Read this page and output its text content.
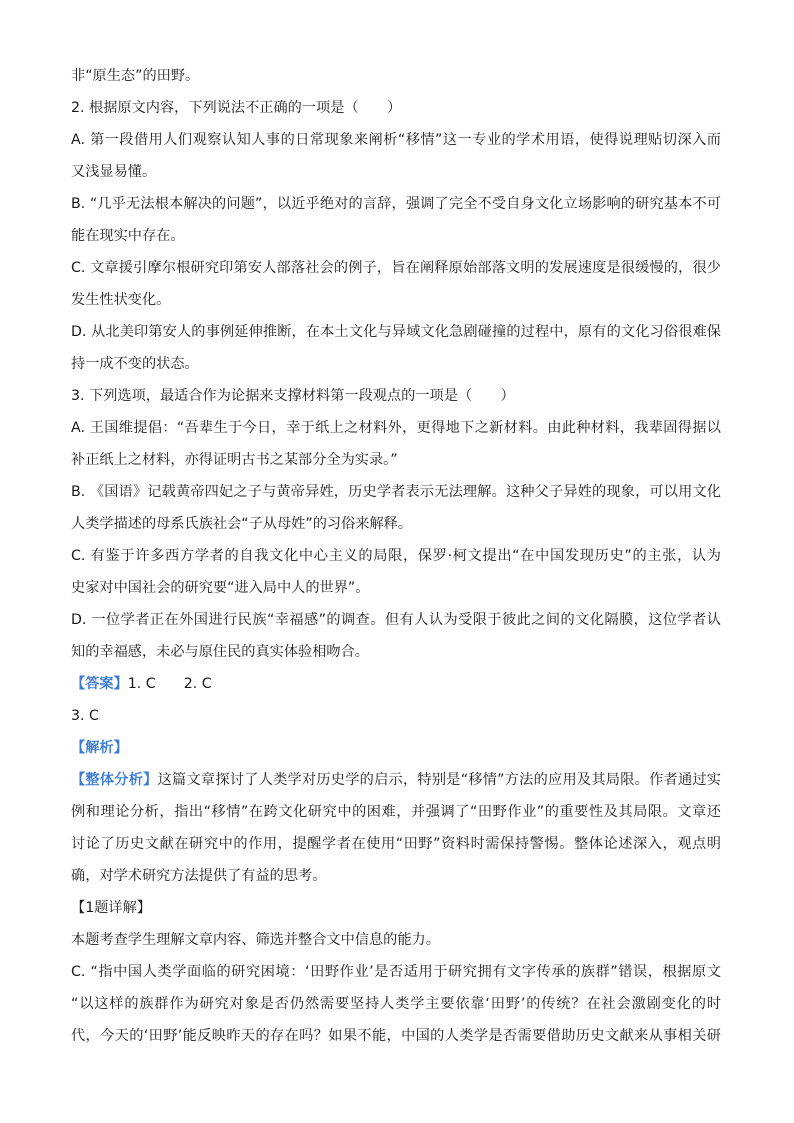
非“原生态”的田野。
2. 根据原文内容，下列说法不正确的一项是（　　）
A. 第一段借用人们观察认知人事的日常现象来阐析“移情”这一专业的学术用语，使得说理贴切深入而
又浅显易懂。
B. “几乎无法根本解决的问题”，以近乎绝对的言辞，强调了完全不受自身文化立场影响的研究基本不可
能在现实中存在。
C. 文章援引摩尔根研究印第安人部落社会的例子，旨在阐释原始部落文明的发展速度是很缓慢的，很少
发生性状变化。
D. 从北美印第安人的事例延伸推断，在本土文化与异域文化急剧碰撞的过程中，原有的文化习俗很难保
持一成不变的状态。
3. 下列选项，最适合作为论据来支撑材料第一段观点的一项是（　　）
A. 王国维提倡：“吾辈生于今日，幸于纸上之材料外，更得地下之新材料。由此种材料，我辈固得据以
补正纸上之材料，亦得证明古书之某部分全为实录。”
B. 《国语》记载黄帝四妃之子与黄帝异姓，历史学者表示无法理解。这种父子异姓的现象，可以用文化
人类学描述的母系氏族社会“子从母姓”的习俗来解释。
C. 有鉴于许多西方学者的自我文化中心主义的局限，保罗·柯文提出“在中国发现历史”的主张，认为
史家对中国社会的研究要“进入局中人的世界”。
D. 一位学者正在外国进行民族“幸福感”的调查。但有人认为受限于彼此之间的文化隔膜，这位学者认
知的幸福感，未必与原住民的真实体验相吻合。
【答案】1. C 2. C
3. C
【解析】
【整体分析】这篇文章探讨了人类学对历史学的启示，特别是“移情”方法的应用及其局限。作者通过实
例和理论分析，指出“移情”在跨文化研究中的困难，并强调了“田野作业”的重要性及其局限。文章还
讨论了历史文献在研究中的作用，提醒学者在使用“田野”资料时需保持警惕。整体论述深入，观点明
确，对学术研究方法提供了有益的思考。
【1题详解】
本题考查学生理解文章内容、筛选并整合文中信息的能力。
C. “指中国人类学面临的研究困境：‘田野作业’是否适用于研究拥有文字传承的族群”错误，根据原文
“以这样的族群作为研究对象是否仍然需要坚持人类学主要依靠‘田野’的传统？在社会激剧变化的时
代，今天的‘田野’能反映昨天的存在吗？如果不能，中国的人类学是否需要借助历史文献来从事相关研
